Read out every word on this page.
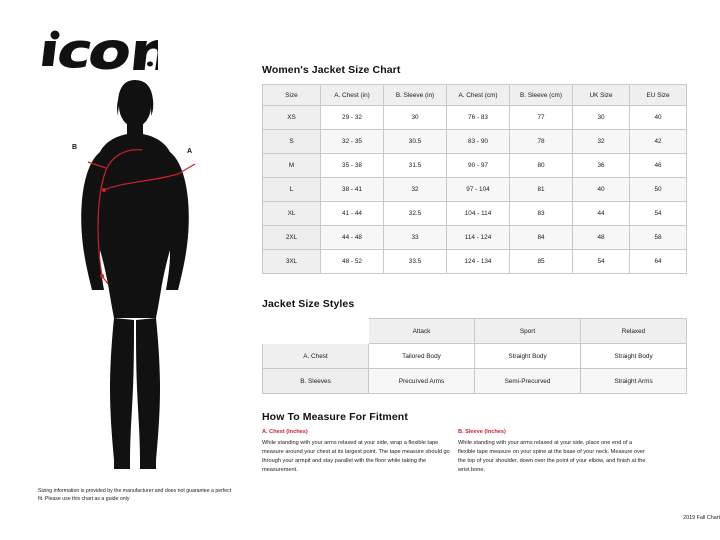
A
B
Sizing information is provided by the manufacturer and does not guarantee a perfect fit. Please use this chart as a guide only
Women's Jacket Size Chart
Size	A. Chest (in)	B. Sleeve (in)	A. Chest (cm)	B. Sleeve (cm)	UK Size	EU Size
XS	29 - 32	30	76 - 83	77	30	40
S	32 - 35	30.5	83 - 90	78	32	42
M	35 - 38	31.5	90 - 97	80	36	46
L	38 - 41	32	97 - 104	81	40	50
XL	41 - 44	32.5	104 - 114	83	44	54
2XL	44 - 48	33	114 - 124	84	48	58
3XL	48 - 52	33.5	124 - 134	85	54	64
Jacket Size Styles
	Attack	Sport	Relaxed
A. Chest	Tailored Body	Straight Body	Straight Body
B. Sleeves	Precurved Arms	Semi-Precurved	Straight Arms
How To Measure For Fitment
A. Chest (Inches)
While standing with your arms relaxed at your side, wrap a flexible tape measure around your chest at its largest point. The tape measure should go through your armpit and stay parallel with the floor while taking the measurement.
B. Sleeve (Inches)
While standing with your arms relaxed at your side, place one end of a flexible tape measure on your spine at the base of your neck. Measure over the top of your shoulder, down over the point of your elbow, and finish at the wrist bone.
2019 Fall Chart
